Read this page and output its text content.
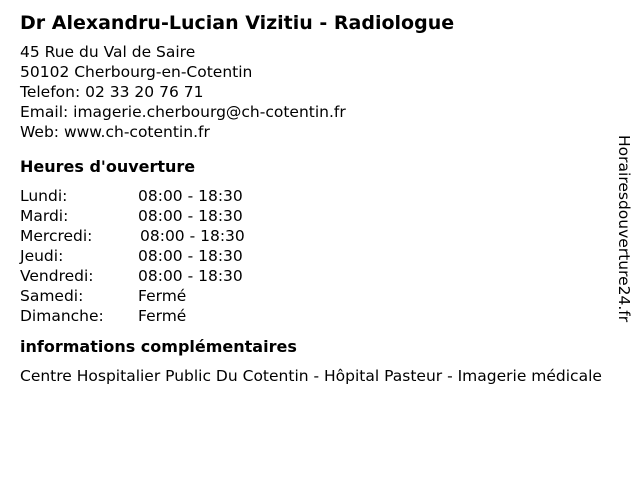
Dr Alexandru-Lucian Vizitiu - Radiologue
45 Rue du Val de Saire
50102 Cherbourg-en-Cotentin
Telefon: 02 33 20 76 71
Email: imagerie.cherbourg@ch-cotentin.fr
Web: www.ch-cotentin.fr
Heures d'ouverture
Lundi:	08:00 - 18:30
Mardi:	08:00 - 18:30
Mercredi:	08:00 - 18:30
Jeudi:	08:00 - 18:30
Vendredi:	08:00 - 18:30
Samedi:	Fermé
Dimanche: Fermé
informations complémentaires
Centre Hospitalier Public Du Cotentin - Hôpital Pasteur - Imagerie médicale
Horairesdouverture24.fr
